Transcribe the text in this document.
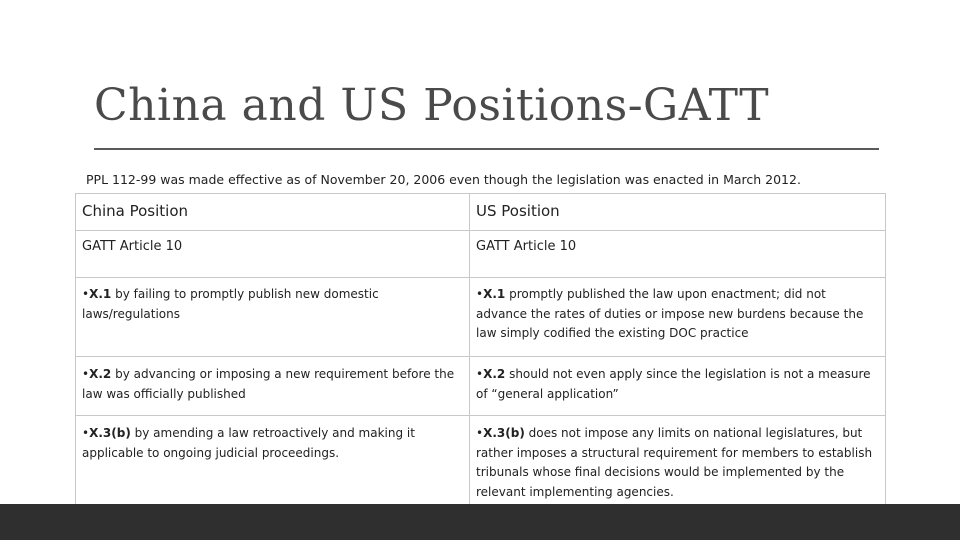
China and US Positions-GATT

PPL 112-99 was made effective as of November 20, 2006 even though the legislation was enacted in March 2012.

China Position	US Position
GATT Article 10	GATT Article 10
•X.1 by failing to promptly publish new domestic laws/regulations	•X.1 promptly published the law upon enactment; did not advance the rates of duties or impose new burdens because the law simply codified the existing DOC practice
•X.2 by advancing or imposing a new requirement before the law was officially published	•X.2 should not even apply since the legislation is not a measure of “general application”
•X.3(b) by amending a law retroactively and making it applicable to ongoing judicial proceedings.	•X.3(b) does not impose any limits on national legislatures, but rather imposes a structural requirement for members to establish tribunals whose final decisions would be implemented by the relevant implementing agencies.
